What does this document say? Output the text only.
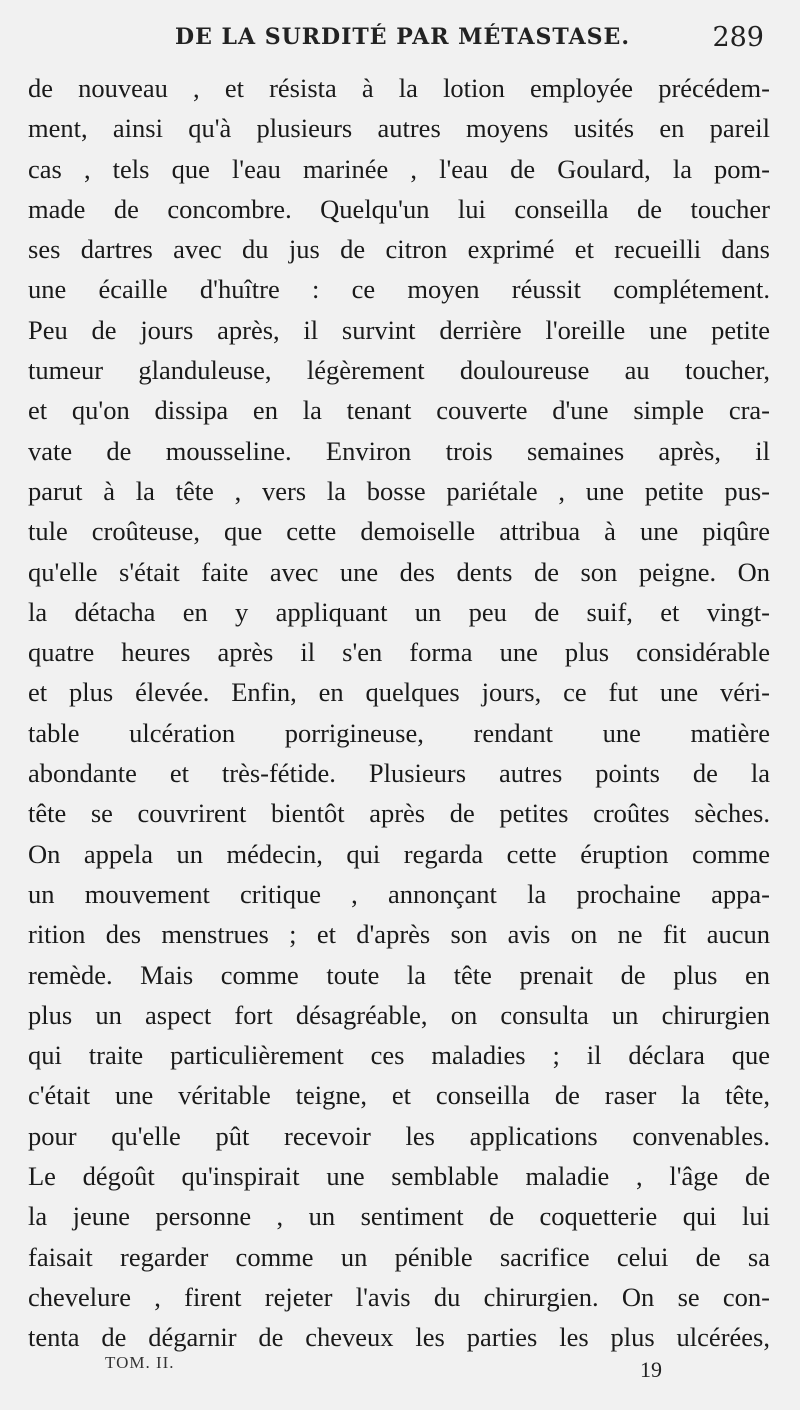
DE LA SURDITÉ PAR MÉTASTASE.	289
de nouveau , et résista à la lotion employée précédem-
ment, ainsi qu'à plusieurs autres moyens usités en pareil
cas , tels que l'eau marinée , l'eau de Goulard, la pom-
made de concombre. Quelqu'un lui conseilla de toucher
ses dartres avec du jus de citron exprimé et recueilli dans
une écaille d'huître : ce moyen réussit complétement.
Peu de jours après, il survint derrière l'oreille une petite
tumeur glanduleuse, légèrement douloureuse au toucher,
et qu'on dissipa en la tenant couverte d'une simple cra-
vate de mousseline. Environ trois semaines après, il
parut à la tête , vers la bosse pariétale , une petite pus-
tule croûteuse, que cette demoiselle attribua à une piqûre
qu'elle s'était faite avec une des dents de son peigne. On
la détacha en y appliquant un peu de suif, et vingt-
quatre heures après il s'en forma une plus considérable
et plus élevée. Enfin, en quelques jours, ce fut une véri-
table ulcération porrigineuse, rendant une matière
abondante et très-fétide. Plusieurs autres points de la
tête se couvrirent bientôt après de petites croûtes sèches.
On appela un médecin, qui regarda cette éruption comme
un mouvement critique , annonçant la prochaine appa-
rition des menstrues ; et d'après son avis on ne fit aucun
remède. Mais comme toute la tête prenait de plus en
plus un aspect fort désagréable, on consulta un chirurgien
qui traite particulièrement ces maladies ; il déclara que
c'était une véritable teigne, et conseilla de raser la tête,
pour qu'elle pût recevoir les applications convenables.
Le dégoût qu'inspirait une semblable maladie , l'âge de
la jeune personne , un sentiment de coquetterie qui lui
faisait regarder comme un pénible sacrifice celui de sa
chevelure , firent rejeter l'avis du chirurgien. On se con-
tenta de dégarnir de cheveux les parties les plus ulcérées,
TOM. II.	19
